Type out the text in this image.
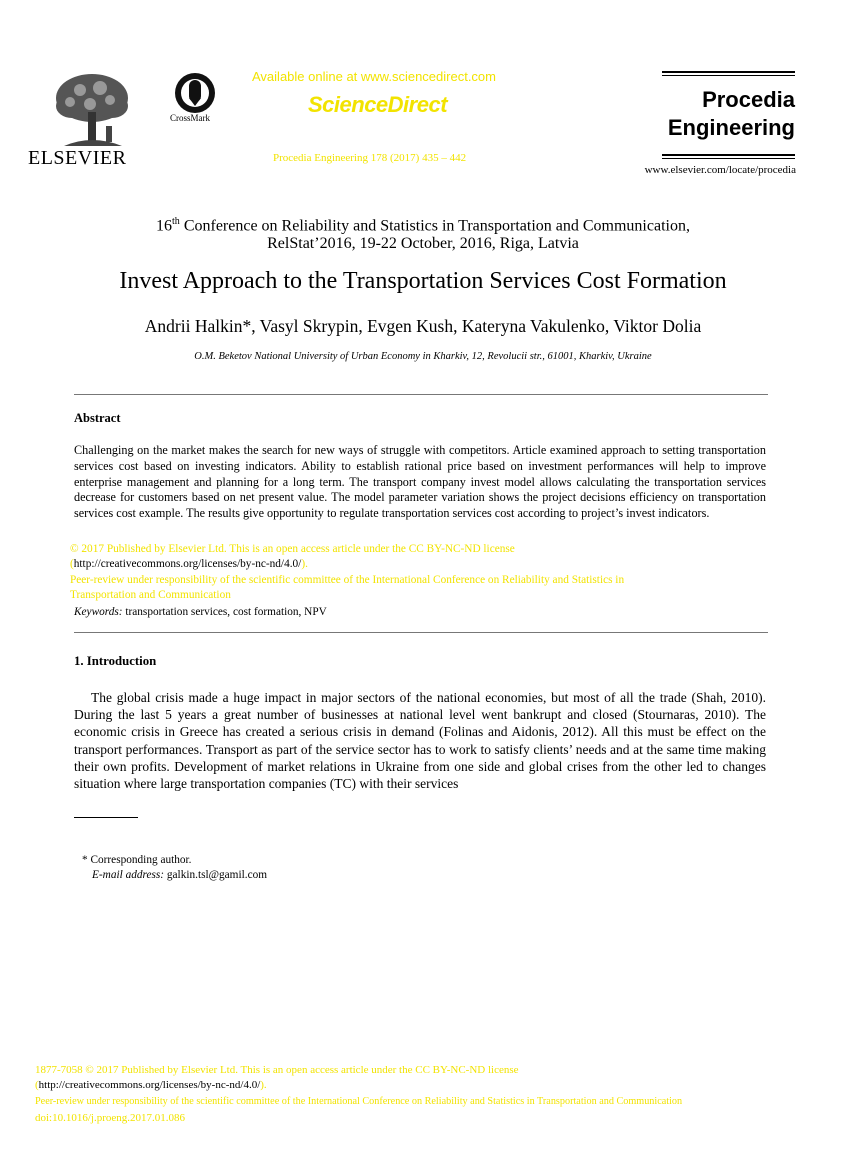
ELSEVIER
CrossMark
Available online at www.sciencedirect.com
ScienceDirect
Procedia Engineering 178 (2017) 435 – 442
Procedia
Engineering
www.elsevier.com/locate/procedia
16th Conference on Reliability and Statistics in Transportation and Communication,
RelStat’2016, 19-22 October, 2016, Riga, Latvia
Invest Approach to the Transportation Services Cost Formation
Andrii Halkin*, Vasyl Skrypin, Evgen Kush, Kateryna Vakulenko, Viktor Dolia
O.M. Beketov National University of Urban Economy in Kharkiv, 12, Revolucii str., 61001, Kharkiv, Ukraine
Abstract
Challenging on the market makes the search for new ways of struggle with competitors. Article examined approach to setting transportation services cost based on investing indicators. Ability to establish rational price based on investment performances will help to improve enterprise management and planning for a long term. The transport company invest model allows calculating the transportation services decrease for customers based on net present value. The model parameter variation shows the project decisions efficiency on transportation services cost example. The results give opportunity to regulate transportation services cost according to project’s invest indicators.
© 2017 Published by Elsevier Ltd. This is an open access article under the CC BY-NC-ND license
(http://creativecommons.org/licenses/by-nc-nd/4.0/).
Peer-review under responsibility of the scientific committee of the International Conference on Reliability and Statistics in
Transportation and Communication
Keywords: transportation services, cost formation, NPV
1. Introduction

The global crisis made a huge impact in major sectors of the national economies, but most of all the trade (Shah, 2010). During the last 5 years a great number of businesses at national level went bankrupt and closed (Stournaras, 2010). The economic crisis in Greece has created a serious crisis in demand (Folinas and Aidonis, 2012). All this must be effect on the transport performances. Transport as part of the service sector has to work to satisfy clients’ needs and at the same time making their own profits. Development of market relations in Ukraine from one side and global crises from the other led to changes situation where large transportation companies (TC) with their services

* Corresponding author.
E-mail address: galkin.tsl@gamil.com
1877-7058 © 2017 Published by Elsevier Ltd. This is an open access article under the CC BY-NC-ND license
(http://creativecommons.org/licenses/by-nc-nd/4.0/).
Peer-review under responsibility of the scientific committee of the International Conference on Reliability and Statistics in Transportation and Communication
doi:10.1016/j.proeng.2017.01.086
